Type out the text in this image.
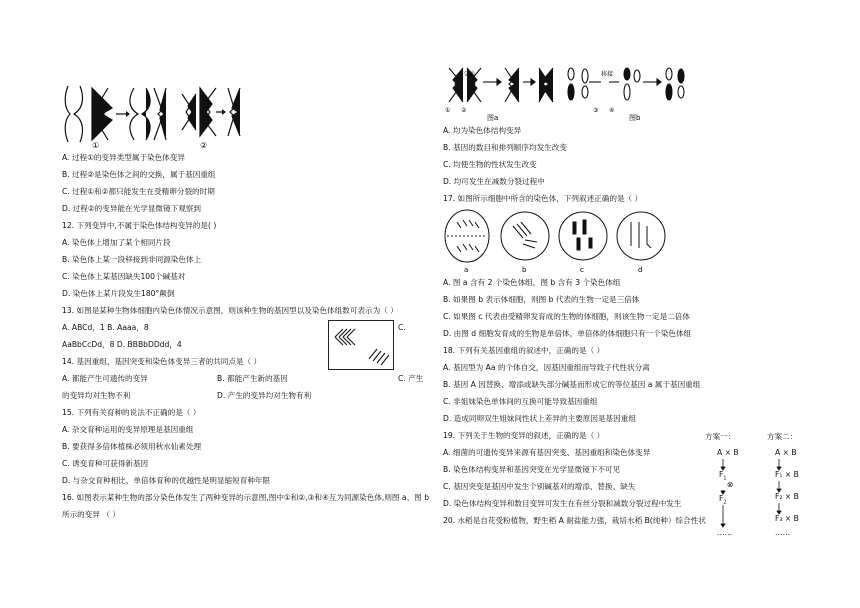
①	②
A. 过程①的变异类型属于染色体变异
B. 过程②是染色体之间的交换，属于基因重组
C. 过程①和②都只能发生在受精卵分裂的时期
D. 过程②的变异能在光学显微镜下观察到
12. 下列变异中,不属于染色体结构变异的是( )
A. 染色体上增加了某个相同片段
B. 染色体上某一段移接到非同源染色体上
C. 染色体上某基因缺失100个碱基对
D. 染色体上某片段发生180°颠倒
13. 如图是某种生物体细胞内染色体情况示意图，则该种生物的基因型以及染色体组数可表示为（ ）
A. ABCd，1 B. Aaaa，8	C.
AaBbCcDd，8 D. BBBbDDdd，4
14. 基因重组、基因突变和染色体变异三者的共同点是（ ）
A. 都能产生可遗传的变异	B. 都能产生新的基因	C. 产生
的变异均对生物不利	D. 产生的变异均对生物有利
15. 下列有关育种的说法不正确的是（ ）
A. 杂交育种运用的变异原理是基因重组
B. 要获得多倍体植株必须用秋水仙素处理
C. 诱变育种可获得新基因
D. 与杂交育种相比，单倍体育种的优越性是明显缩短育种年限
16. 如图表示某种生物的部分染色体发生了两种变异的示意图,图中①和②,③和④互为同源染色体,则图 a、图 b
所示的变异 （ ）
交换
① ②
图a
移接
③ ④
图b
A. 均为染色体结构变异
B. 基因的数目和排列顺序均发生改变
C. 均使生物的性状发生改变
D. 均可发生在减数分裂过程中
17. 如图所示细胞中所含的染色体，下列叙述正确的是（ ）
a	b	c	d
A. 图 a 含有 2 个染色体组，图 b 含有 3 个染色体组
B. 如果图 b 表示体细胞，则图 b 代表的生物一定是三倍体
C. 如果图 c 代表由受精卵发育成的生物的体细胞，则该生物一定是二倍体
D. 由图 d 细胞发育成的生物是单倍体，单倍体的体细胞只有一个染色体组
18. 下列有关基因重组的叙述中，正确的是（ ）
A. 基因型为 Aa 的个体自交，因基因重组而导致子代性状分离
B. 基因 A 因替换、增添或缺失部分碱基而形成它的等位基因 a 属于基因重组
C. 非姐妹染色单体间的互换可能导致基因重组
D. 造成同卵双生姐妹间性状上差异的主要原因是基因重组
19. 下列关于生物的变异的叙述，正确的是（ ）
A. 细菌的可遗传变异来源有基因突变、基因重组和染色体变异
B. 染色体结构变异和基因突变在光学显微镜下不可见
C. 基因突变是基因中发生个别碱基对的增添、替换、缺失
D. 染色体结构变异和数目变异可发生在有丝分裂和减数分裂过程中发生
20. 水稻是自花受粉植物，野生稻 A 耐盐能力强，栽培水稻 B(纯种）综合性状
方案一：	方案二：
A × B
$F_1$
⊗
$F_2$
……
A × B
F₁ × B
F₂ × B
F₃ × B
……
